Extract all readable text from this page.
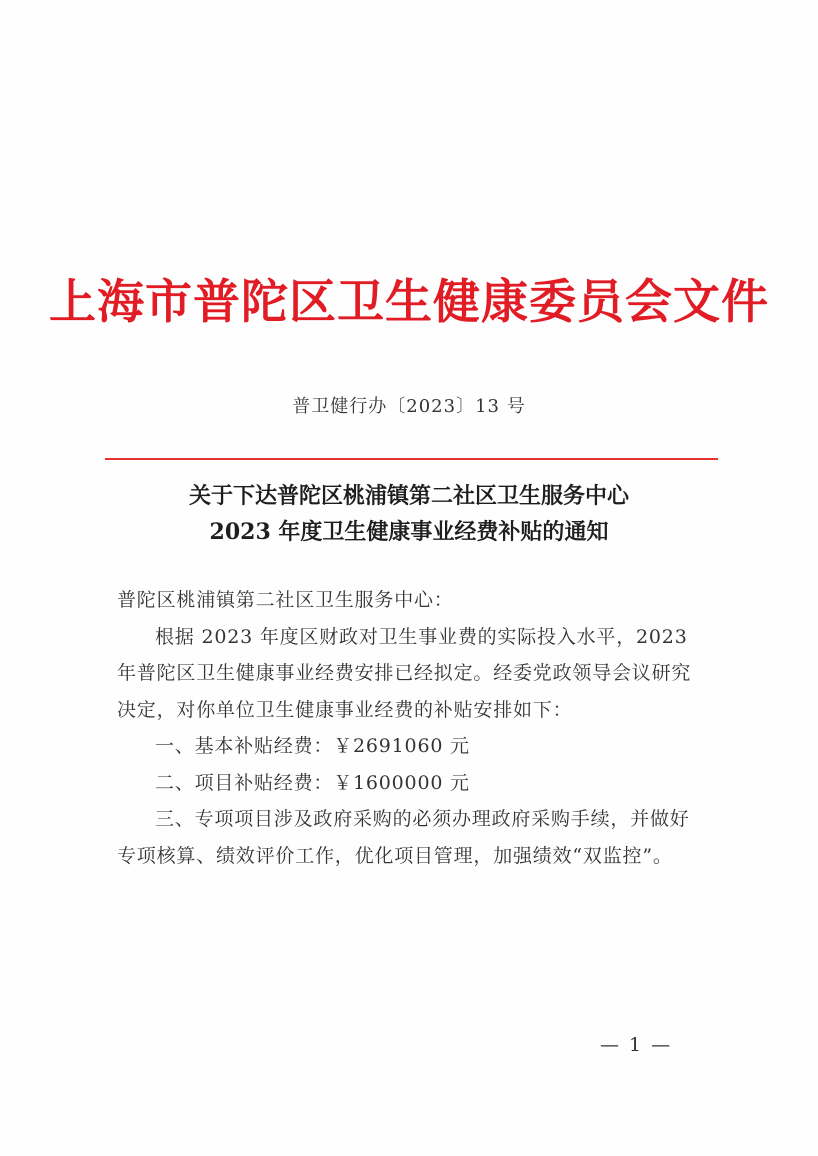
上海市普陀区卫生健康委员会文件
普卫健行办〔2023〕13 号
关于下达普陀区桃浦镇第二社区卫生服务中心
2023 年度卫生健康事业经费补贴的通知

普陀区桃浦镇第二社区卫生服务中心：

根据 2023 年度区财政对卫生事业费的实际投入水平，2023 年普陀区卫生健康事业经费安排已经拟定。经委党政领导会议研究决定，对你单位卫生健康事业经费的补贴安排如下：

一、基本补贴经费：￥2691060 元

二、项目补贴经费：￥1600000 元

三、专项项目涉及政府采购的必须办理政府采购手续，并做好专项核算、绩效评价工作，优化项目管理，加强绩效“双监控”。

— 1 —
